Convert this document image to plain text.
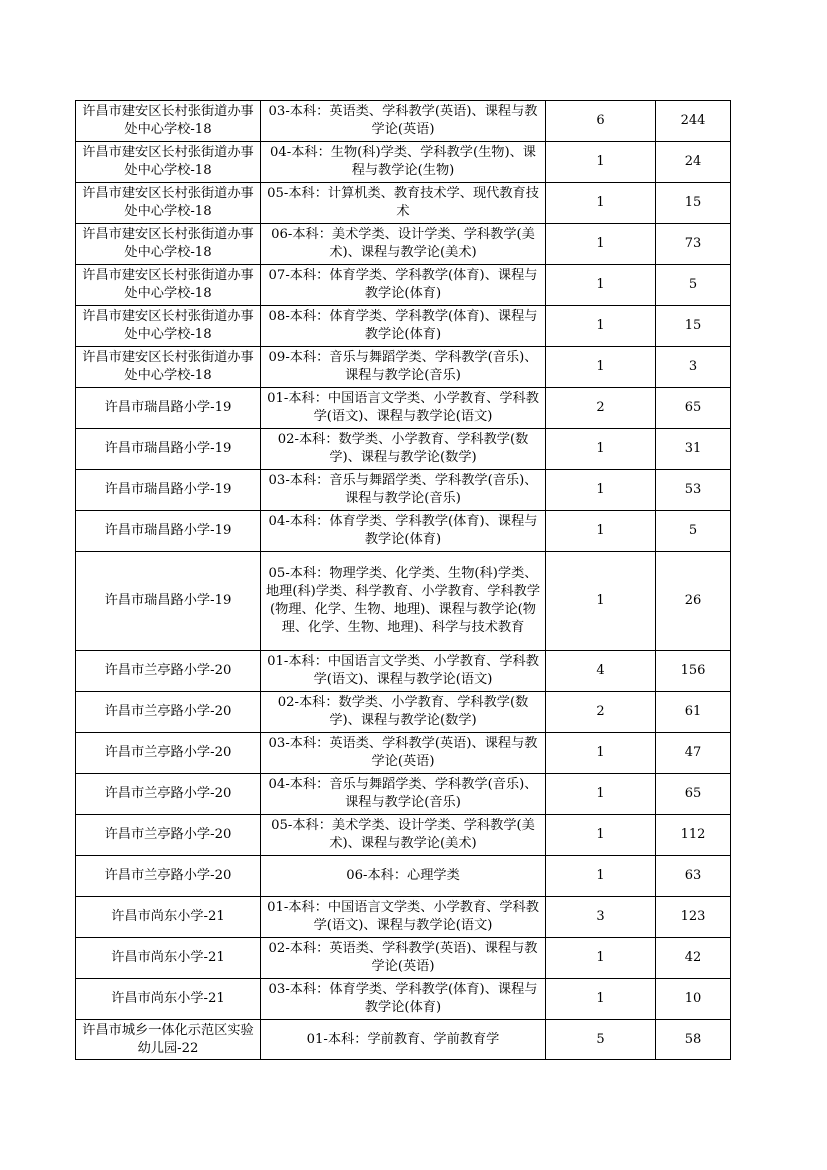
许昌市建安区长村张街道办事处中心学校-18	03-本科：英语类、学科教学(英语)、课程与教学论(英语)	6	244
许昌市建安区长村张街道办事处中心学校-18	04-本科：生物(科)学类、学科教学(生物)、课程与教学论(生物)	1	24
许昌市建安区长村张街道办事处中心学校-18	05-本科：计算机类、教育技术学、现代教育技术	1	15
许昌市建安区长村张街道办事处中心学校-18	06-本科：美术学类、设计学类、学科教学(美术)、课程与教学论(美术)	1	73
许昌市建安区长村张街道办事处中心学校-18	07-本科：体育学类、学科教学(体育)、课程与教学论(体育)	1	5
许昌市建安区长村张街道办事处中心学校-18	08-本科：体育学类、学科教学(体育)、课程与教学论(体育)	1	15
许昌市建安区长村张街道办事处中心学校-18	09-本科：音乐与舞蹈学类、学科教学(音乐)、课程与教学论(音乐)	1	3
许昌市瑞昌路小学-19	01-本科：中国语言文学类、小学教育、学科教学(语文)、课程与教学论(语文)	2	65
许昌市瑞昌路小学-19	02-本科：数学类、小学教育、学科教学(数学)、课程与教学论(数学)	1	31
许昌市瑞昌路小学-19	03-本科：音乐与舞蹈学类、学科教学(音乐)、课程与教学论(音乐)	1	53
许昌市瑞昌路小学-19	04-本科：体育学类、学科教学(体育)、课程与教学论(体育)	1	5
许昌市瑞昌路小学-19	05-本科：物理学类、化学类、生物(科)学类、地理(科)学类、科学教育、小学教育、学科教学(物理、化学、生物、地理)、课程与教学论(物理、化学、生物、地理)、科学与技术教育	1	26
许昌市兰亭路小学-20	01-本科：中国语言文学类、小学教育、学科教学(语文)、课程与教学论(语文)	4	156
许昌市兰亭路小学-20	02-本科：数学类、小学教育、学科教学(数学)、课程与教学论(数学)	2	61
许昌市兰亭路小学-20	03-本科：英语类、学科教学(英语)、课程与教学论(英语)	1	47
许昌市兰亭路小学-20	04-本科：音乐与舞蹈学类、学科教学(音乐)、课程与教学论(音乐)	1	65
许昌市兰亭路小学-20	05-本科：美术学类、设计学类、学科教学(美术)、课程与教学论(美术)	1	112
许昌市兰亭路小学-20	06-本科：心理学类	1	63
许昌市尚东小学-21	01-本科：中国语言文学类、小学教育、学科教学(语文)、课程与教学论(语文)	3	123
许昌市尚东小学-21	02-本科：英语类、学科教学(英语)、课程与教学论(英语)	1	42
许昌市尚东小学-21	03-本科：体育学类、学科教学(体育)、课程与教学论(体育)	1	10
许昌市城乡一体化示范区实验幼儿园-22	01-本科：学前教育、学前教育学	5	58
